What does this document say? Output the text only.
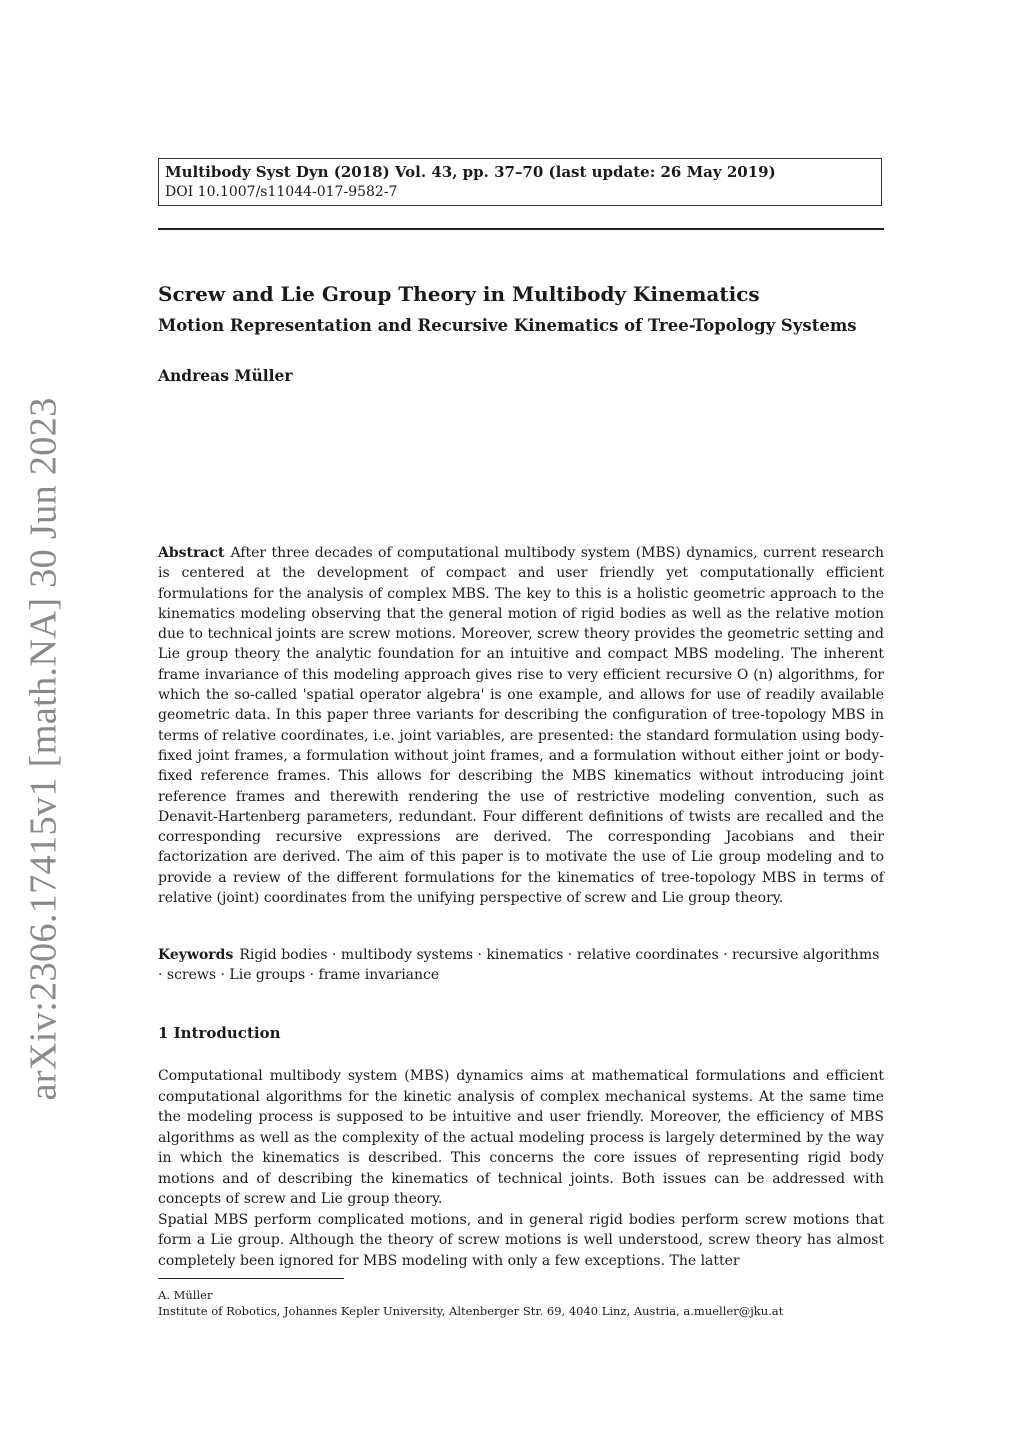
arXiv:2306.17415v1 [math.NA] 30 Jun 2023
Multibody Syst Dyn (2018) Vol. 43, pp. 37–70 (last update: 26 May 2019)
DOI 10.1007/s11044-017-9582-7
Screw and Lie Group Theory in Multibody Kinematics
Motion Representation and Recursive Kinematics of Tree-Topology Systems
Andreas Müller

Abstract After three decades of computational multibody system (MBS) dynamics, current research is centered at the development of compact and user friendly yet computationally efficient formulations for the analysis of complex MBS. The key to this is a holistic geometric approach to the kinematics modeling observing that the general motion of rigid bodies as well as the relative motion due to technical joints are screw motions. Moreover, screw theory provides the geometric setting and Lie group theory the analytic foundation for an intuitive and compact MBS modeling. The inherent frame invariance of this modeling approach gives rise to very efficient recursive O (n) algorithms, for which the so-called 'spatial operator algebra' is one example, and allows for use of readily available geometric data. In this paper three variants for describing the configuration of tree-topology MBS in terms of relative coordinates, i.e. joint variables, are presented: the standard formulation using body-fixed joint frames, a formulation without joint frames, and a formulation without either joint or body-fixed reference frames. This allows for describing the MBS kinematics without introducing joint reference frames and therewith rendering the use of restrictive modeling convention, such as Denavit-Hartenberg parameters, redundant. Four different definitions of twists are recalled and the corresponding recursive expressions are derived. The corresponding Jacobians and their factorization are derived. The aim of this paper is to motivate the use of Lie group modeling and to provide a review of the different formulations for the kinematics of tree-topology MBS in terms of relative (joint) coordinates from the unifying perspective of screw and Lie group theory.

Keywords Rigid bodies · multibody systems · kinematics · relative coordinates · recursive algorithms · screws · Lie groups · frame invariance

1 Introduction

Computational multibody system (MBS) dynamics aims at mathematical formulations and efficient computational algorithms for the kinetic analysis of complex mechanical systems. At the same time the modeling process is supposed to be intuitive and user friendly. Moreover, the efficiency of MBS algorithms as well as the complexity of the actual modeling process is largely determined by the way in which the kinematics is described. This concerns the core issues of representing rigid body motions and of describing the kinematics of technical joints. Both issues can be addressed with concepts of screw and Lie group theory.

Spatial MBS perform complicated motions, and in general rigid bodies perform screw motions that form a Lie group. Although the theory of screw motions is well understood, screw theory has almost completely been ignored for MBS modeling with only a few exceptions. The latter

A. Müller
Institute of Robotics, Johannes Kepler University, Altenberger Str. 69, 4040 Linz, Austria, a.mueller@jku.at
